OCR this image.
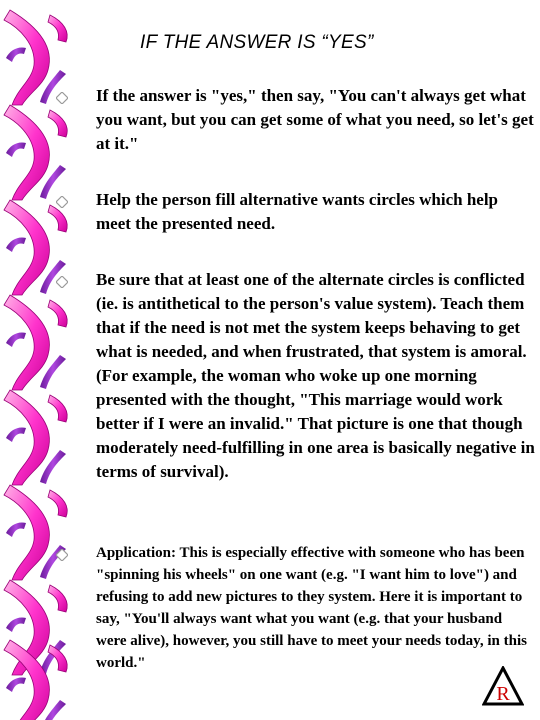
IF THE ANSWER IS “YES”
If the answer is "yes," then say, "You can't always get what you want, but you can get some of what you need, so let's get at it."
Help the person fill alternative wants circles which help meet the presented need.
Be sure that at least one of the alternate circles is conflicted (ie. is antithetical to the person's value system). Teach them that if the need is not met the system keeps behaving to get what is needed, and when frustrated, that system is amoral. (For example, the woman who woke up one morning presented with the thought, "This marriage would work better if I were an invalid." That picture is one that though moderately need-fulfilling in one area is basically negative in terms of survival).
Application: This is especially effective with someone who has been "spinning his wheels" on one want (e.g. "I want him to love") and refusing to add new pictures to they system. Here it is important to say, "You'll always want what you want (e.g. that your husband were alive), however, you still have to meet your needs today, in this world."
R
